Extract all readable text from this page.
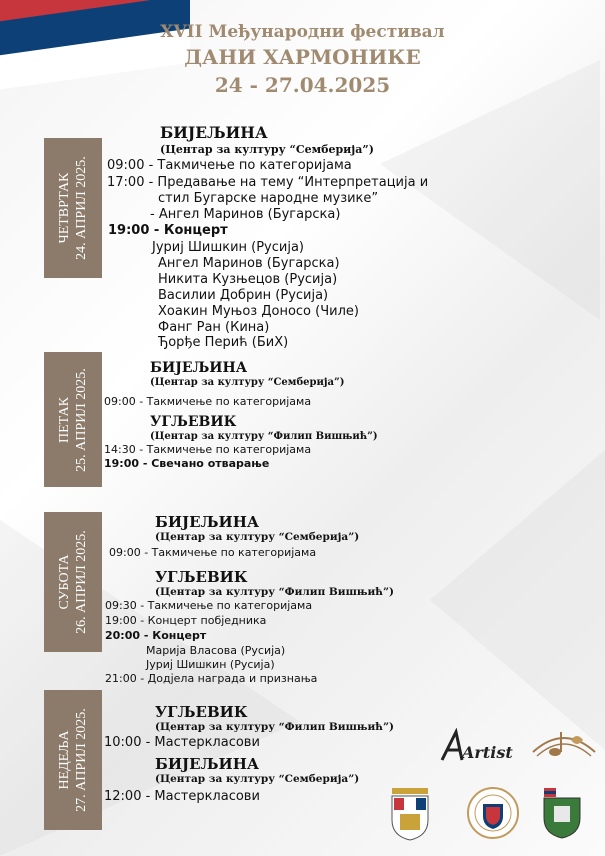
XVII Међународни фестивал
ДАНИ ХАРМОНИКЕ
24 - 27.04.2025
ЧЕТВРТАК 24. АПРИЛ 2025.
БИЈЕЉИНА
(Центар за културу “Семберија”)
09:00 - Такмичење по категоријама
17:00 - Предавање на тему “Интерпретација и
стил Бугарске народне музике”
- Ангел Маринов (Бугарска)
19:00 - Концерт
Јуриј Шишкин (Русија)
Ангел Маринов (Бугарска)
Никита Кузњецов (Русија)
Василии Добрин (Русија)
Хоакин Муњоз Доносо (Чиле)
Фанг Ран (Кина)
Ђорђе Перић (БиХ)
ПЕТАК 25. АПРИЛ 2025.	БИЈЕЉИНА
(Центар за културу “Семберија”)
09:00 - Такмичење по категоријама
УГЉЕВИК
(Центар за културу “Филип Вишњић”)
14:30 - Такмичење по категоријама
19:00 - Свечано отварање
СУБОТА 26. АПРИЛ 2025.
БИЈЕЉИНА
(Центар за културу “Семберија”)
09:00 - Такмичење по категоријама
УГЉЕВИК
(Центар за културу “Филип Вишњић”)
09:30 - Такмичење по категоријама
19:00 - Концерт побједника
20:00 - Концерт
Марија Власова (Русија)
Јуриј Шишкин (Русија)
21:00 - Додјела награда и признања
НЕДЕЉА 27. АПРИЛ 2025.	УГЉЕВИК
(Центар за културу “Филип Вишњић”)
10:00 - Мастеркласови
БИЈЕЉИНА
(Центар за културу “Семберија”)
12:00 - Мастеркласови
Artist
